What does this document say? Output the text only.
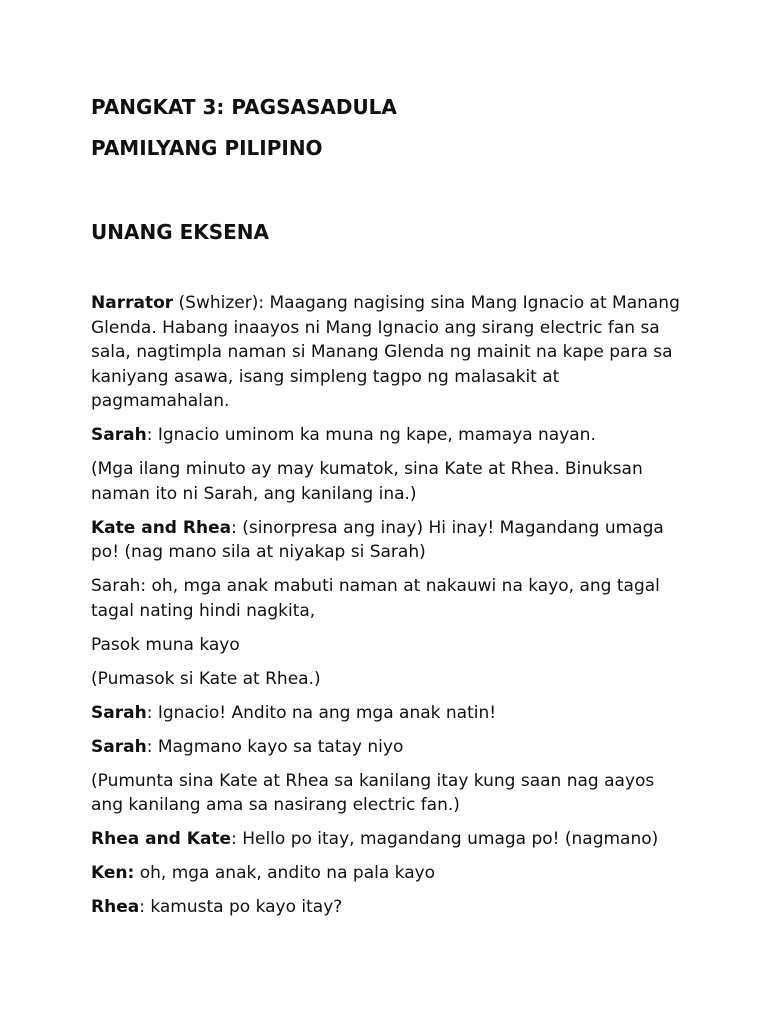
PANGKAT 3: PAGSASADULA
PAMILYANG PILIPINO
UNANG EKSENA

Narrator (Swhizer): Maagang nagising sina Mang Ignacio at Manang Glenda. Habang inaayos ni Mang Ignacio ang sirang electric fan sa sala, nagtimpla naman si Manang Glenda ng mainit na kape para sa kaniyang asawa, isang simpleng tagpo ng malasakit at pagmamahalan.

Sarah: Ignacio uminom ka muna ng kape, mamaya nayan.

(Mga ilang minuto ay may kumatok, sina Kate at Rhea. Binuksan naman ito ni Sarah, ang kanilang ina.)

Kate and Rhea: (sinorpresa ang inay) Hi inay! Magandang umaga po! (nag mano sila at niyakap si Sarah)

Sarah: oh, mga anak mabuti naman at nakauwi na kayo, ang tagal tagal nating hindi nagkita,

Pasok muna kayo

(Pumasok si Kate at Rhea.)

Sarah: Ignacio! Andito na ang mga anak natin!

Sarah: Magmano kayo sa tatay niyo

(Pumunta sina Kate at Rhea sa kanilang itay kung saan nag aayos ang kanilang ama sa nasirang electric fan.)

Rhea and Kate: Hello po itay, magandang umaga po! (nagmano)

Ken: oh, mga anak, andito na pala kayo

Rhea: kamusta po kayo itay?
